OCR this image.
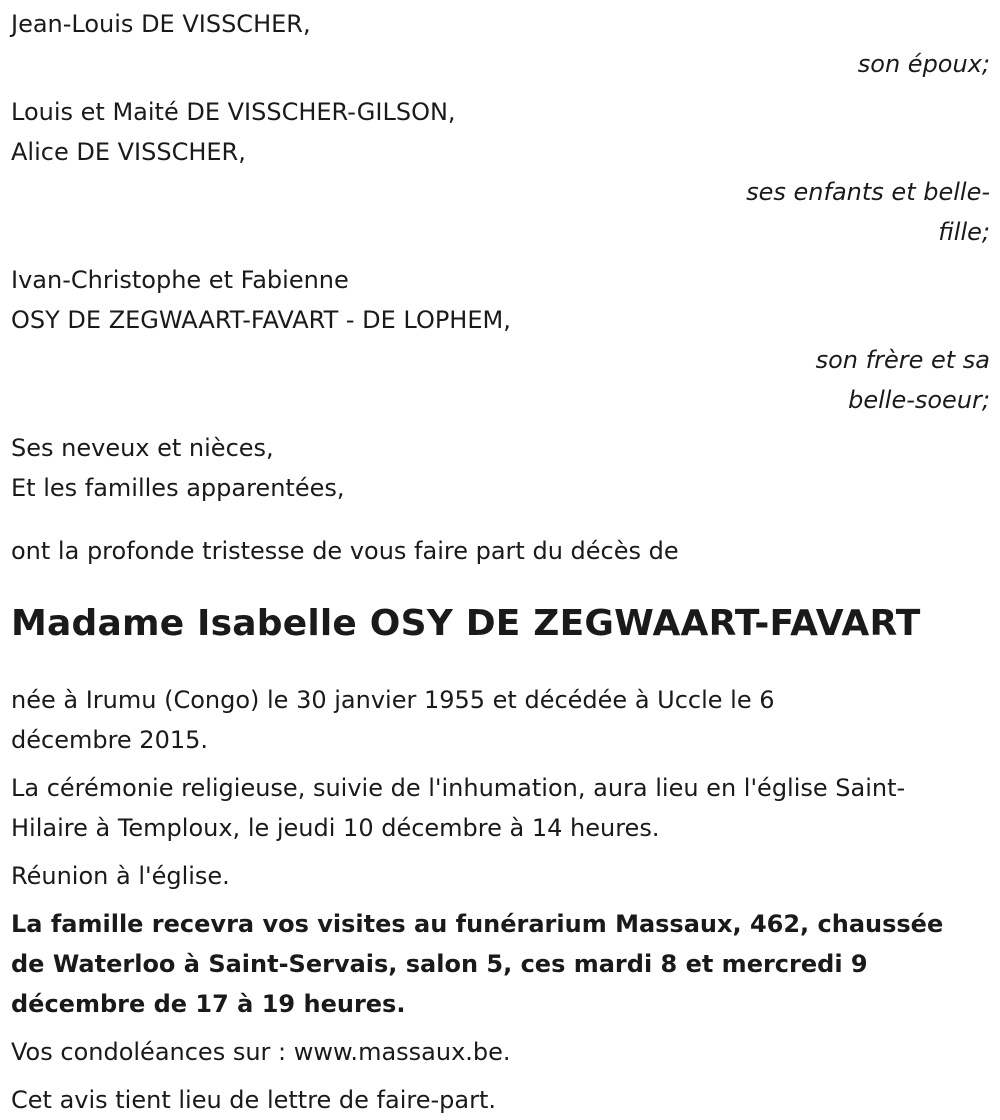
Jean-Louis DE VISSCHER,
son époux;
Louis et Maité DE VISSCHER-GILSON,
Alice DE VISSCHER,
ses enfants et belle-
fille;
Ivan-Christophe et Fabienne
OSY DE ZEGWAART-FAVART - DE LOPHEM,
son frère et sa
belle-soeur;
Ses neveux et nièces,
Et les familles apparentées,
ont la profonde tristesse de vous faire part du décès de
Madame Isabelle OSY DE ZEGWAART-FAVART
née à Irumu (Congo) le 30 janvier 1955 et décédée à Uccle le 6
décembre 2015.
La cérémonie religieuse, suivie de l'inhumation, aura lieu en l'église Saint-
Hilaire à Temploux, le jeudi 10 décembre à 14 heures.
Réunion à l'église.
La famille recevra vos visites au funérarium Massaux, 462, chaussée
de Waterloo à Saint-Servais, salon 5, ces mardi 8 et mercredi 9
décembre de 17 à 19 heures.
Vos condoléances sur : www.massaux.be.
Cet avis tient lieu de lettre de faire-part.
